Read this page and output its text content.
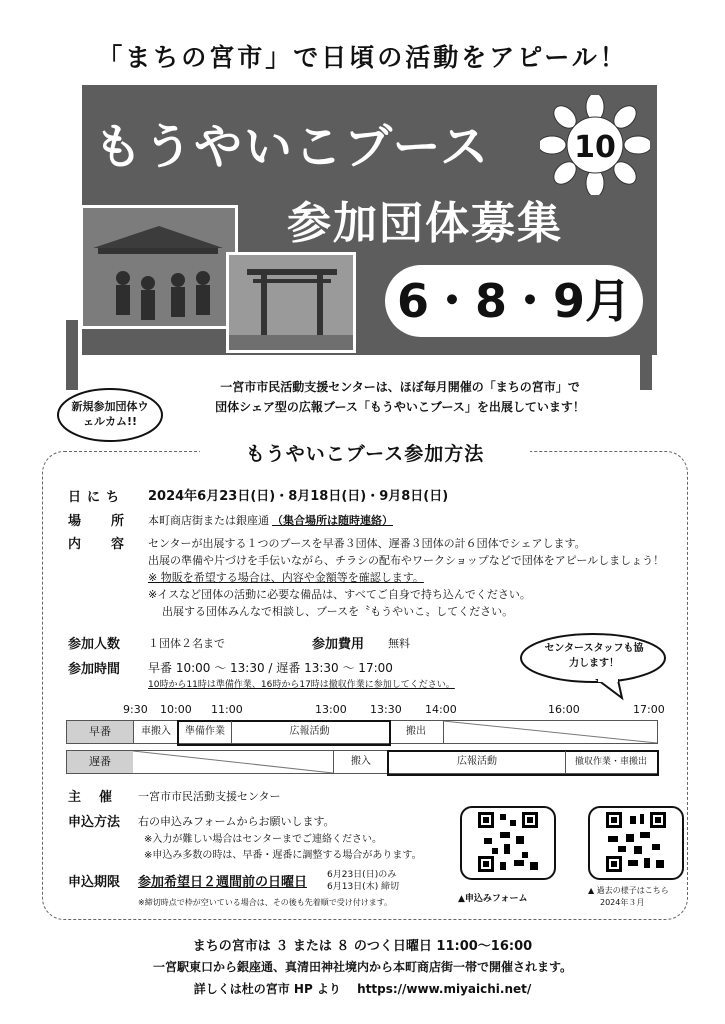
「まちの宮市」で日頃の活動をアピール！
もうやいこブース	10
参加団体募集
6・8・9月
新規参加団体ウェルカム!!
一宮市市民活動支援センターは、ほぼ毎月開催の「まちの宮市」で
団体シェア型の広報ブース「もうやいこブース」を出展しています！
もうやいこブース参加方法
日にち 2024年6月23日(日)・8月18日(日)・9月8日(日)
場所
本町商店街または銀座通 （集合場所は随時連絡）
内容
センターが出展する１つのブースを早番３団体、遅番３団体の計６団体でシェアします。
出展の準備や片づけを手伝いながら、チラシの配布やワークショップなどで団体をアピールしましょう！
※ 物販を希望する場合は、内容や金額等を確認します。
※イスなど団体の活動に必要な備品は、すべてご自身で持ち込んでください。
出展する団体みんなで相談し、ブースを〝もうやいこ〟してください。
参加人数	１団体２名まで	参加費用 無料
参加時間 早番 10:00 ～ 13:30 / 遅番 13:30 ～ 17:00
10時から11時は準備作業、16時から17時は撤収作業に参加してください。
センタースタッフも協力します！
9:30 10:00 11:00	13:00 13:30 14:00	16:00	17:00
早番	車搬入	準備作業	広報活動	搬出
遅番	搬入	広報活動	撤収作業・車搬出
主催 一宮市市民活動支援センター
申込方法 右の申込みフォームからお願いします。
※入力が難しい場合はセンターまでご連絡ください。
※申込み多数の時は、早番・遅番に調整する場合があります。
申込期限 参加希望日２週間前の日曜日 6月23日(日)のみ
6月13日(木) 締切
※締切時点で枠が空いている場合は、その後も先着順で受け付けます。	▲申込みフォーム
▲ 過去の様子はこちら
2024年３月
まちの宮市は ３ または ８ のつく日曜日 11:00～16:00
一宮駅東口から銀座通、真清田神社境内から本町商店街一帯で開催されます。
詳しくは杜の宮市 HP より　 https://www.miyaichi.net/
